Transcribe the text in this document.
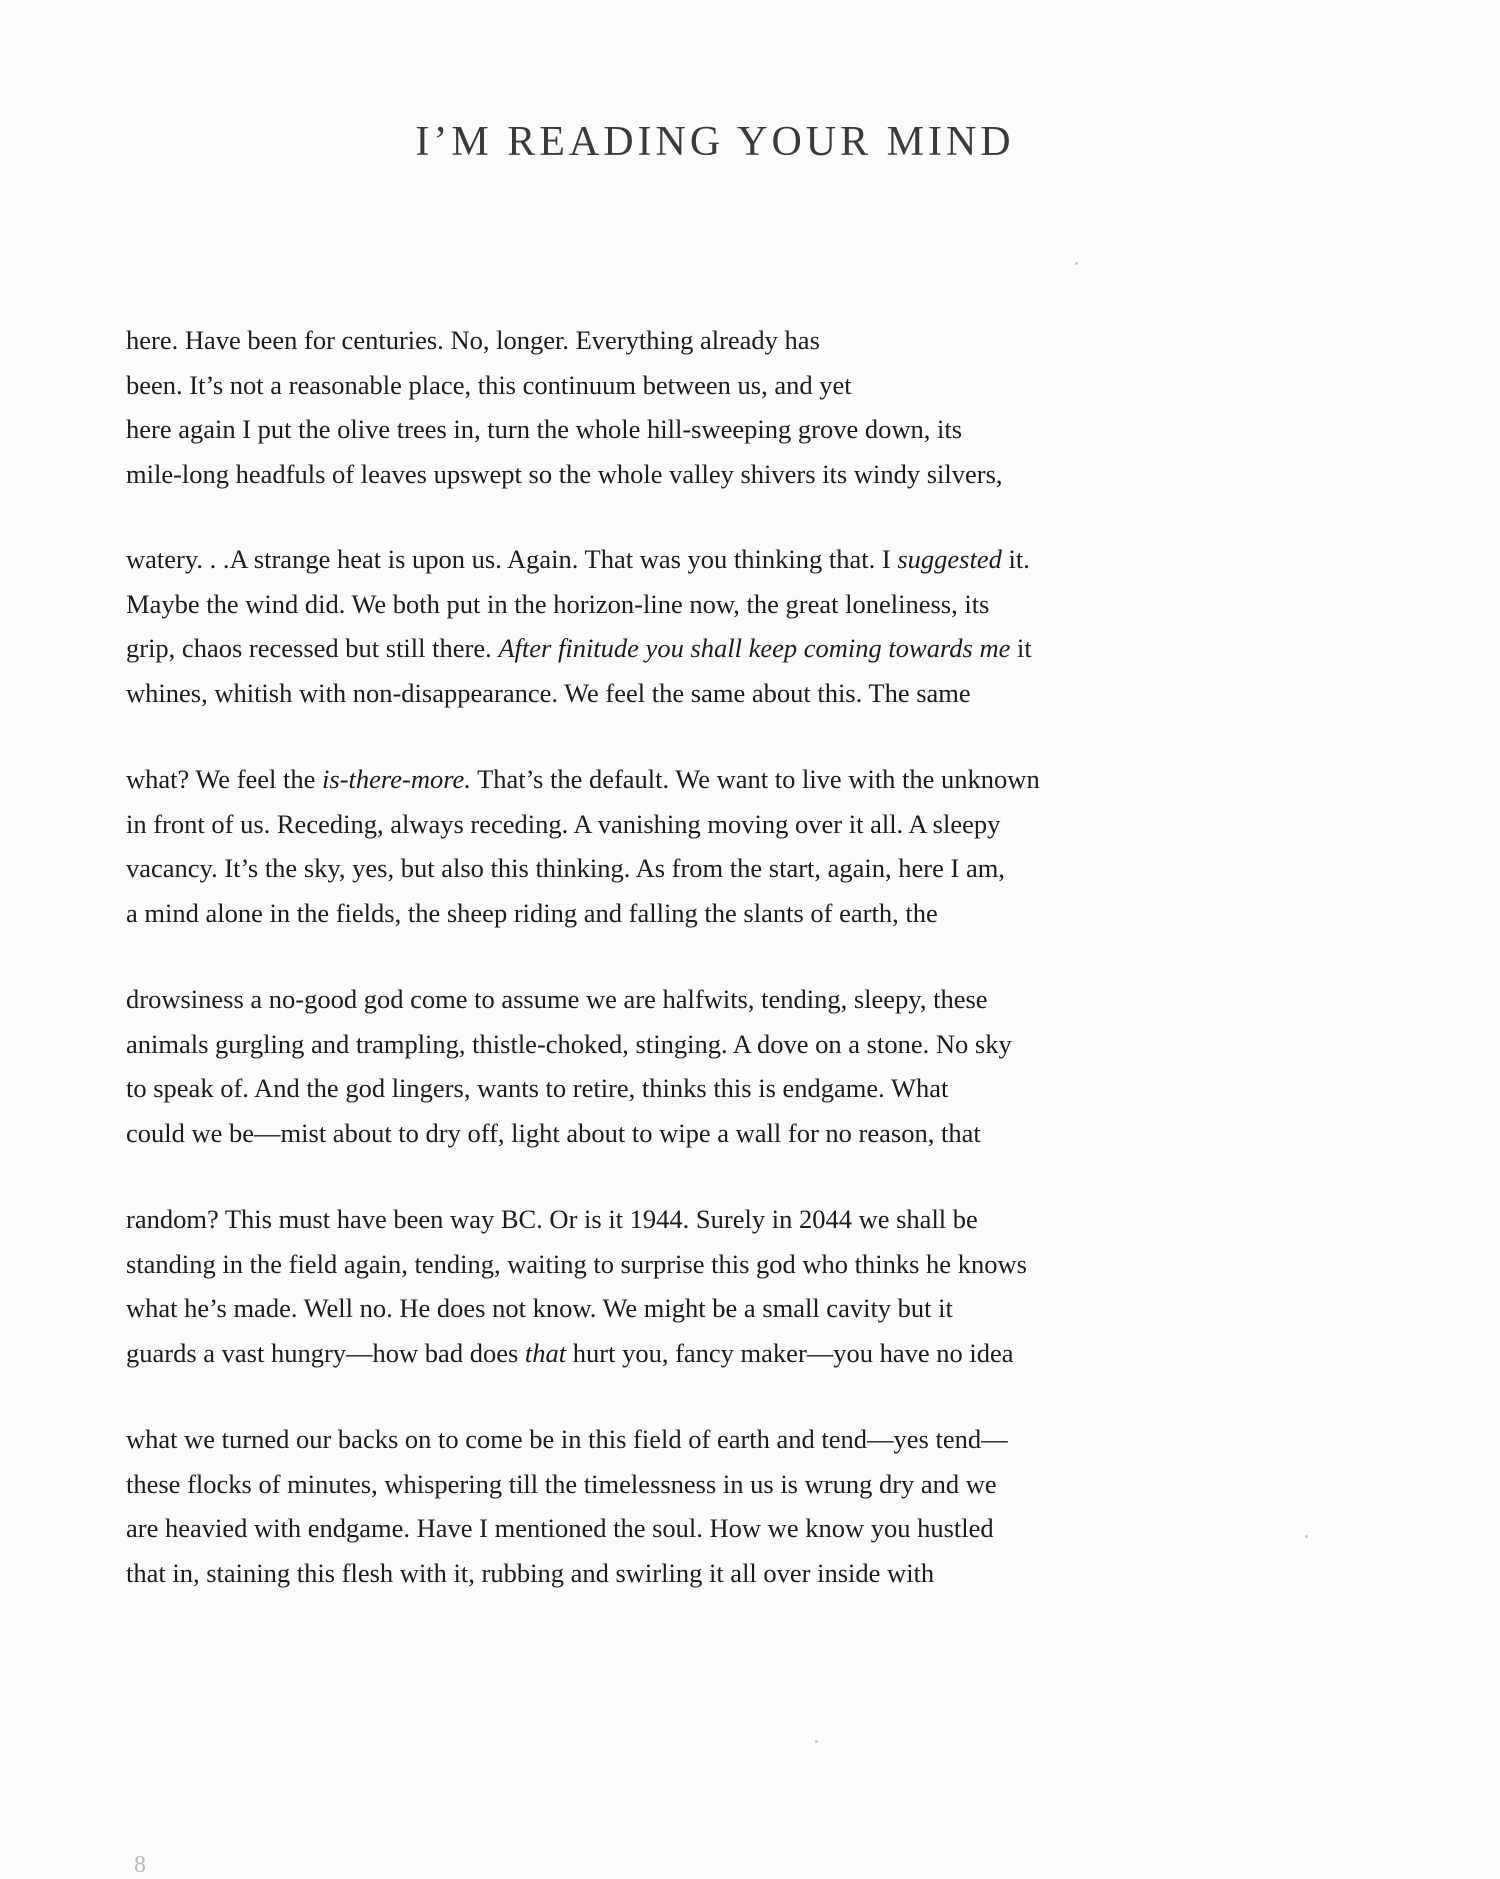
I’M READING YOUR MIND
here. Have been for centuries. No, longer. Everything already has
been. It’s not a reasonable place, this continuum between us, and yet
here again I put the olive trees in, turn the whole hill-sweeping grove down, its
mile-long headfuls of leaves upswept so the whole valley shivers its windy silvers,
watery. . .A strange heat is upon us. Again. That was you thinking that. I suggested it.
Maybe the wind did. We both put in the horizon-line now, the great loneliness, its
grip, chaos recessed but still there. After finitude you shall keep coming towards me it
whines, whitish with non-disappearance. We feel the same about this. The same
what? We feel the is-there-more. That’s the default. We want to live with the unknown
in front of us. Receding, always receding. A vanishing moving over it all. A sleepy
vacancy. It’s the sky, yes, but also this thinking. As from the start, again, here I am,
a mind alone in the fields, the sheep riding and falling the slants of earth, the
drowsiness a no-good god come to assume we are halfwits, tending, sleepy, these
animals gurgling and trampling, thistle-choked, stinging. A dove on a stone. No sky
to speak of. And the god lingers, wants to retire, thinks this is endgame. What
could we be—mist about to dry off, light about to wipe a wall for no reason, that
random? This must have been way BC. Or is it 1944. Surely in 2044 we shall be
standing in the field again, tending, waiting to surprise this god who thinks he knows
what he’s made. Well no. He does not know. We might be a small cavity but it
guards a vast hungry—how bad does that hurt you, fancy maker—you have no idea
what we turned our backs on to come be in this field of earth and tend—yes tend—
these flocks of minutes, whispering till the timelessness in us is wrung dry and we
are heavied with endgame. Have I mentioned the soul. How we know you hustled
that in, staining this flesh with it, rubbing and swirling it all over inside with
8
